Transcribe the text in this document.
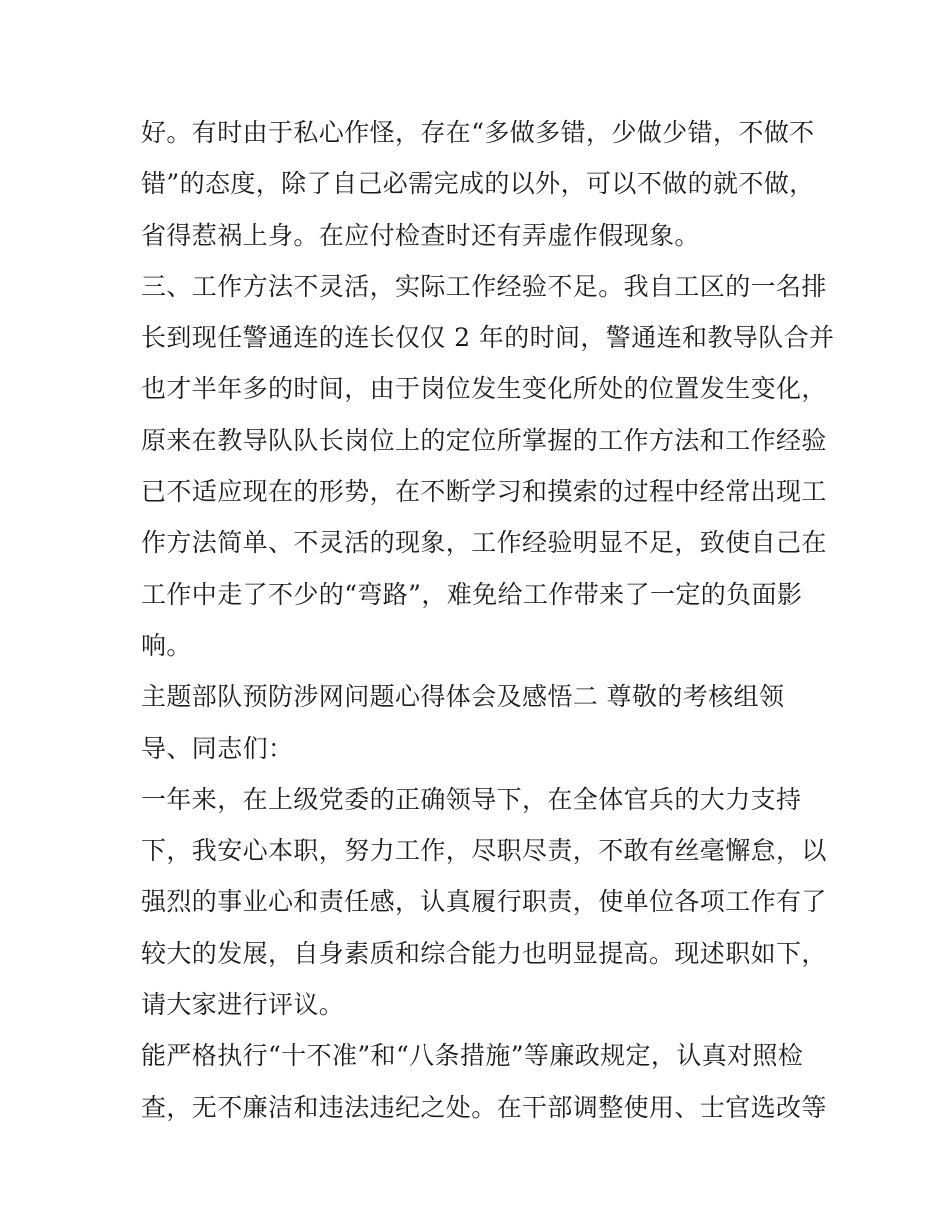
好。有时由于私心作怪，存在“多做多错，少做少错，不做不
错”的态度，除了自己必需完成的以外，可以不做的就不做，
省得惹祸上身。在应付检查时还有弄虚作假现象。
三、工作方法不灵活，实际工作经验不足。我自工区的一名排
长到现任警通连的连长仅仅 2 年的时间，警通连和教导队合并
也才半年多的时间，由于岗位发生变化所处的位置发生变化，
原来在教导队队长岗位上的定位所掌握的工作方法和工作经验
已不适应现在的形势，在不断学习和摸索的过程中经常出现工
作方法简单、不灵活的现象，工作经验明显不足，致使自己在
工作中走了不少的“弯路”，难免给工作带来了一定的负面影
响。
主题部队预防涉网问题心得体会及感悟二 尊敬的考核组领
导、同志们：
一年来，在上级党委的正确领导下，在全体官兵的大力支持
下，我安心本职，努力工作，尽职尽责，不敢有丝毫懈怠，以
强烈的事业心和责任感，认真履行职责，使单位各项工作有了
较大的发展，自身素质和综合能力也明显提高。现述职如下，
请大家进行评议。
能严格执行“十不准”和“八条措施”等廉政规定，认真对照检
查，无不廉洁和违法违纪之处。在干部调整使用、士官选改等
